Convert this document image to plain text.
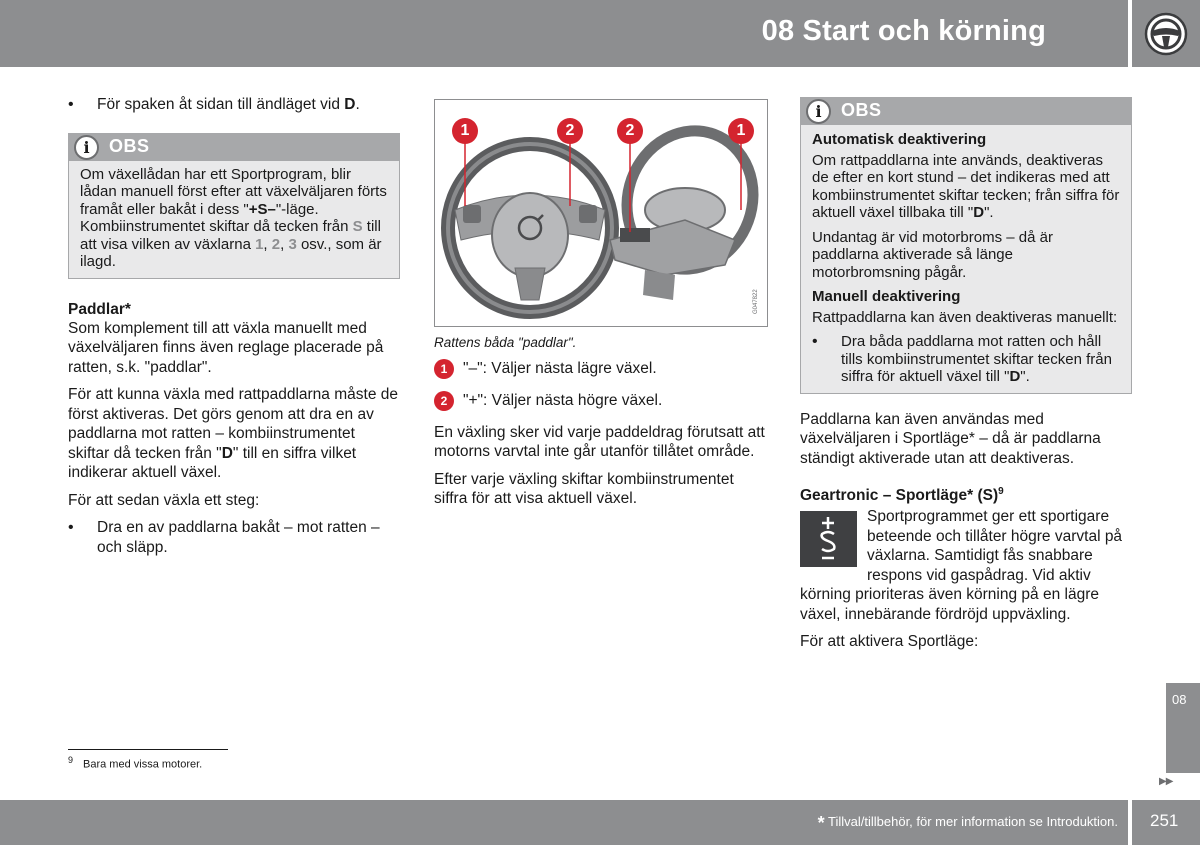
08 Start och körning

• För spaken åt sidan till ändläget vid D.

i	OBS

Om växellådan har ett Sportprogram, blir lådan manuell först efter att växelväljaren förts framåt eller bakåt i dess "+S–"-läge. Kombiinstrumentet skiftar då tecken från S till att visa vilken av växlarna 1, 2, 3 osv., som är ilagd.

Paddlar*

Som komplement till att växla manuellt med växelväljaren finns även reglage placerade på ratten, s.k. "paddlar".

För att kunna växla med rattpaddlarna måste de först aktiveras. Det görs genom att dra en av paddlarna mot ratten – kombiinstrumentet skiftar då tecken från "D" till en siffra vilket indikerar aktuell växel.

För att sedan växla ett steg:

• Dra en av paddlarna bakåt – mot ratten – och släpp.

G047822
1	2	2	1

Rattens båda "paddlar".

1	"–": Väljer nästa lägre växel.

2	"+": Väljer nästa högre växel.

En växling sker vid varje paddeldrag förutsatt att motorns varvtal inte går utanför tillåtet område.

Efter varje växling skiftar kombiinstrumentet siffra för att visa aktuell växel.

i	OBS

Automatisk deaktivering

Om rattpaddlarna inte används, deaktiveras de efter en kort stund – det indikeras med att kombiinstrumentet skiftar tecken; från siffra för aktuell växel tillbaka till "D".

Undantag är vid motorbroms – då är paddlarna aktiverade så länge motorbromsning pågår.

Manuell deaktivering

Rattpaddlarna kan även deaktiveras manuellt:

• Dra båda paddlarna mot ratten och håll tills kombiinstrumentet skiftar tecken från siffra för aktuell växel till "D".

Paddlarna kan även användas med växelväljaren i Sportläge* – då är paddlarna ständigt aktiverade utan att deaktiveras.

Geartronic – Sportläge* $(S)^9$

Sportprogrammet ger ett sportigare beteende och tillåter högre varvtal på växlarna. Samtidigt fås snabbare respons vid gaspådrag. Vid aktiv körning prioriteras även körning på en lägre växel, innebärande fördröjd uppväxling.

För att aktivera Sportläge:

$^9$ Bara med vissa motorer.
08
▶▶
* Tillval/tillbehör, för mer information se Introduktion. 251
